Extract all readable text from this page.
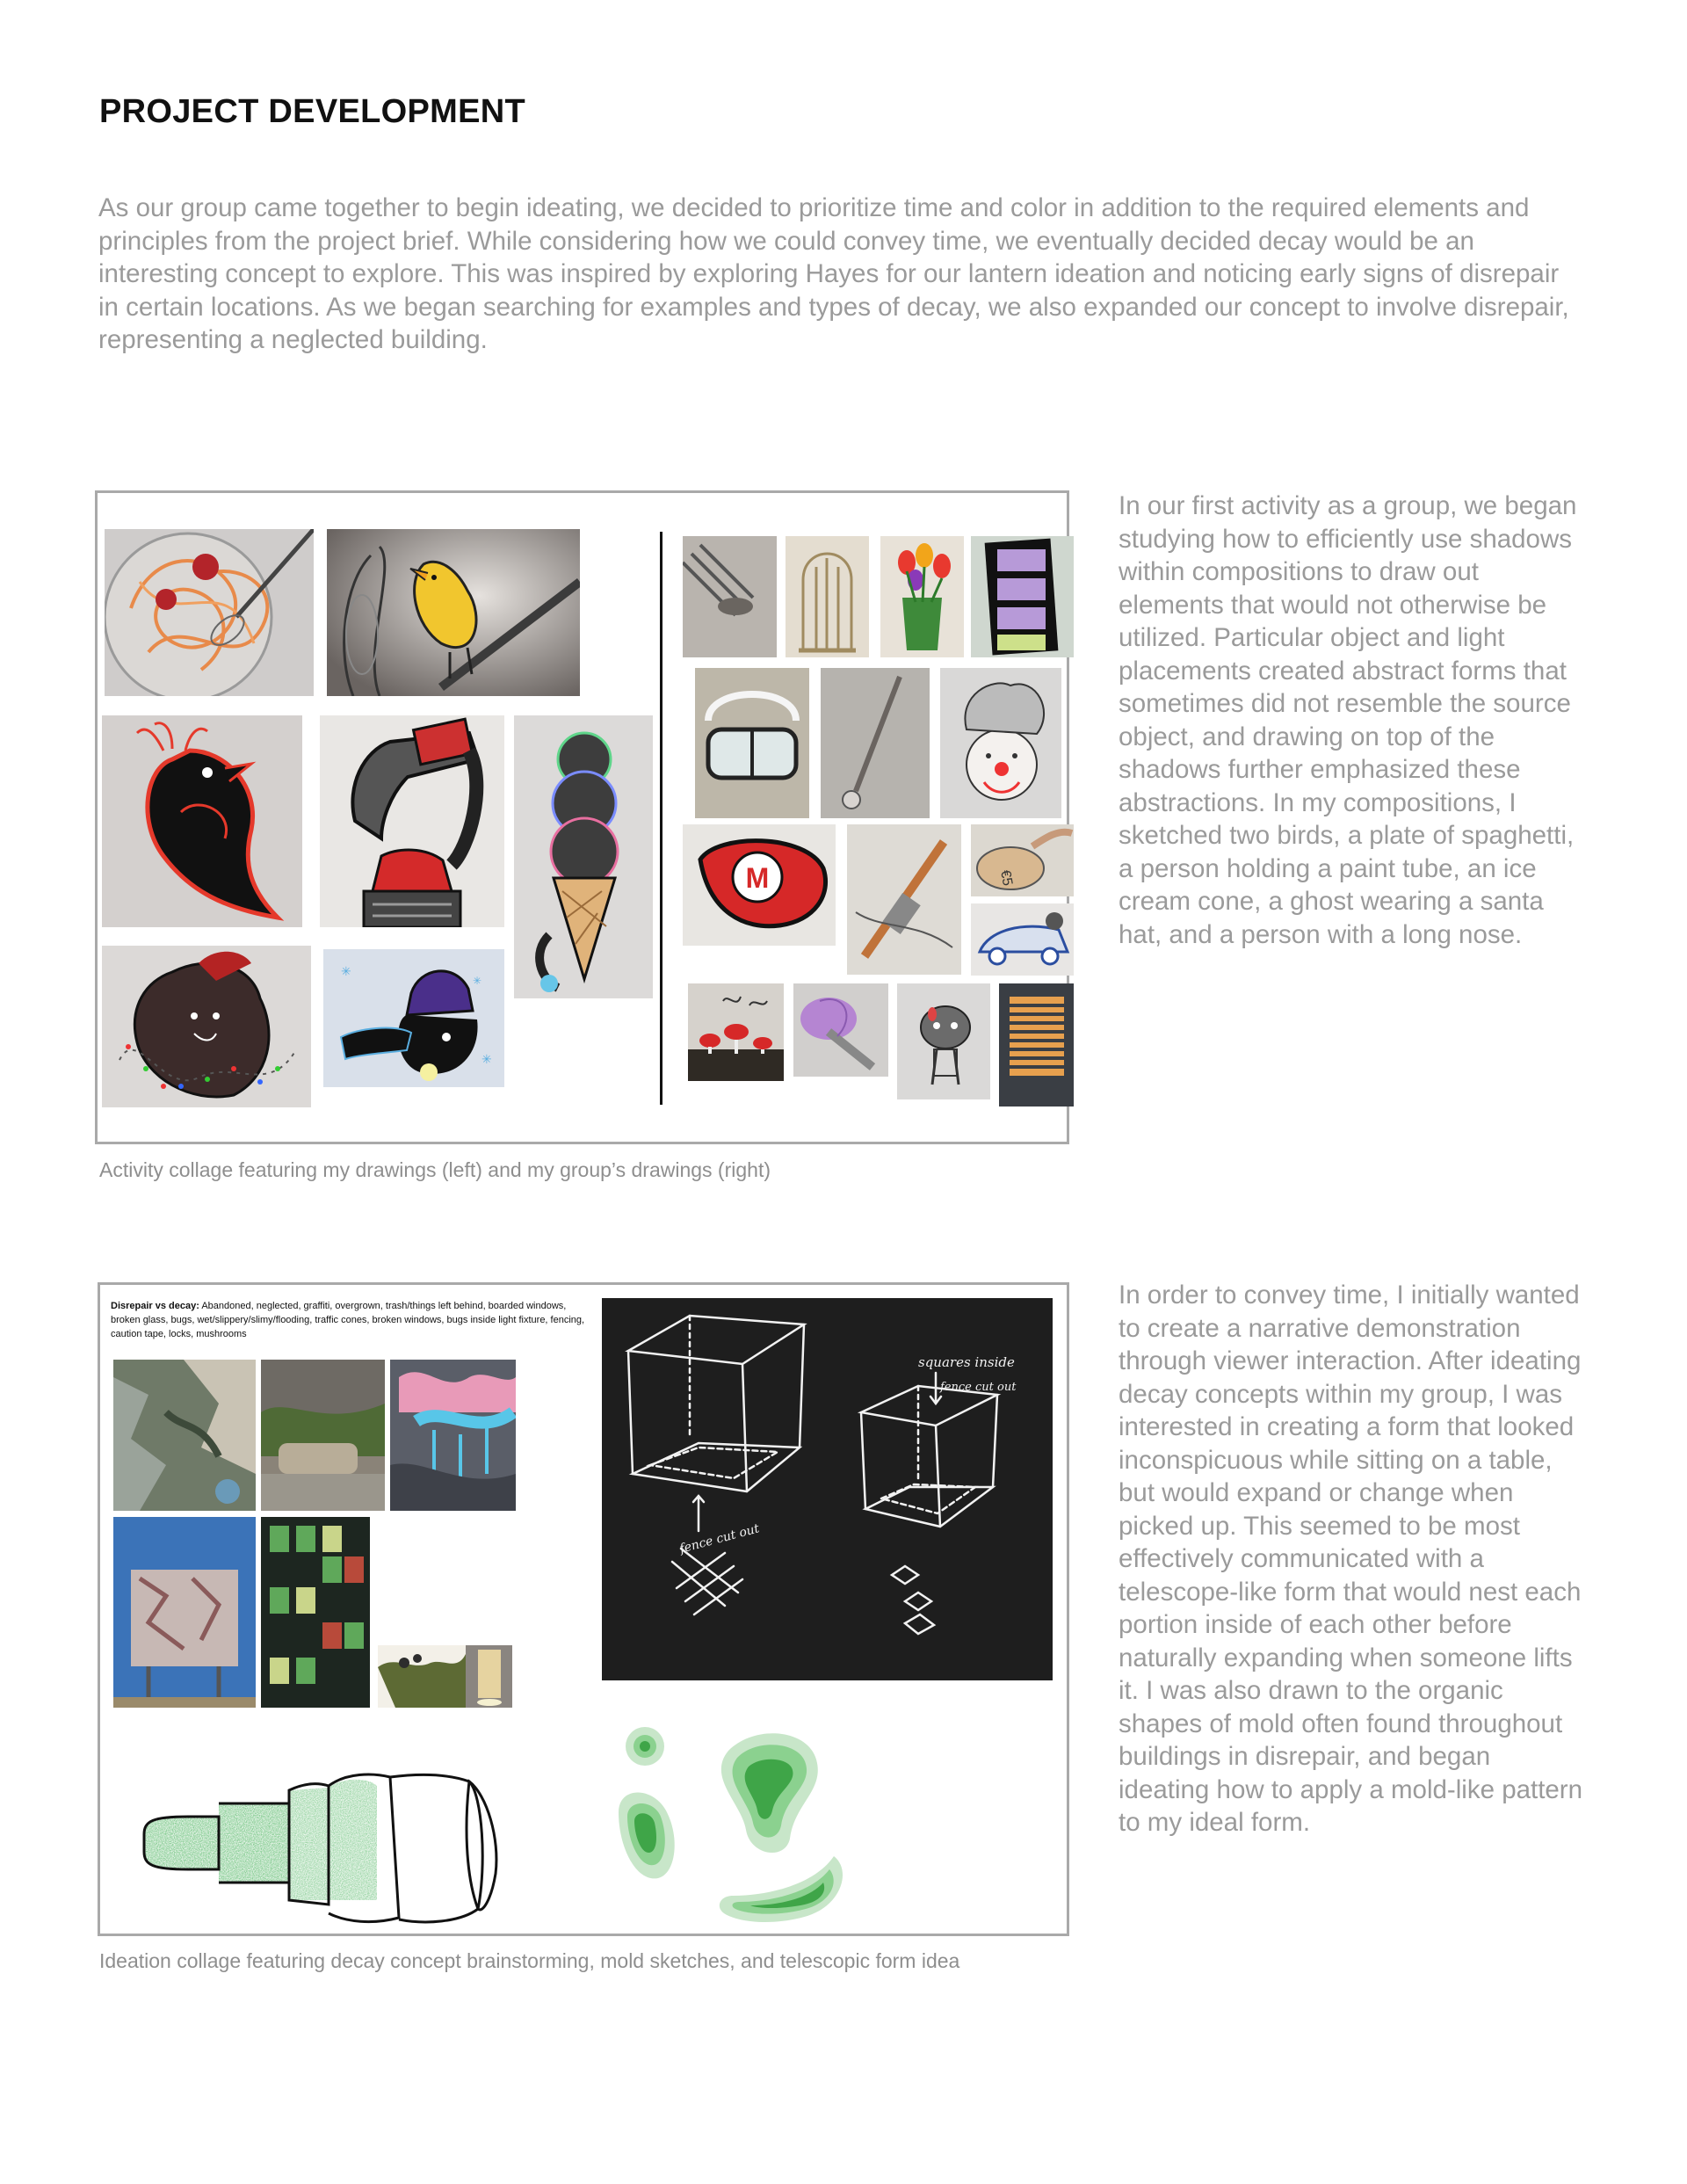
PROJECT DEVELOPMENT

As our group came together to begin ideating, we decided to prioritize time and color in addition to the required elements and principles from the project brief. While considering how we could convey time, we eventually decided decay would be an interesting concept to explore. This was inspired by exploring Hayes for our lantern ideation and noticing early signs of disrepair in certain locations. As we began searching for examples and types of decay, we also expanded our concept to involve disrepair, representing a neglected building.

✳
✳
✳
M	€5

In our first activity as a group, we began studying how to efficiently use shadows within compositions to draw out elements that would not otherwise be utilized. Particular object and light placements created abstract forms that sometimes did not resemble the source object, and drawing on top of the shadows further emphasized these abstractions. In my compositions, I sketched two birds, a plate of spaghetti, a person holding a paint tube, an ice cream cone, a ghost wearing a santa hat, and a person with a long nose.

Activity collage featuring my drawings (left) and my group’s drawings (right)

Disrepair vs decay: Abandoned, neglected, graffiti, overgrown, trash/things left behind, boarded windows, broken glass, bugs, wet/slippery/slimy/flooding, traffic cones, broken windows, bugs inside light fixture, fencing, caution tape, locks, mushrooms

squares inside
fence cut out
fence cut out

In order to convey time, I initially wanted to create a narrative demonstration through viewer interaction. After ideating decay concepts within my group, I was interested in creating a form that looked inconspicuous while sitting on a table, but would expand or change when picked up. This seemed to be most effectively communicated with a telescope-like form that would nest each portion inside of each other before naturally expanding when someone lifts it. I was also drawn to the organic shapes of mold often found throughout buildings in disrepair, and began ideating how to apply a mold-like pattern to my ideal form.

Ideation collage featuring decay concept brainstorming, mold sketches, and telescopic form idea
